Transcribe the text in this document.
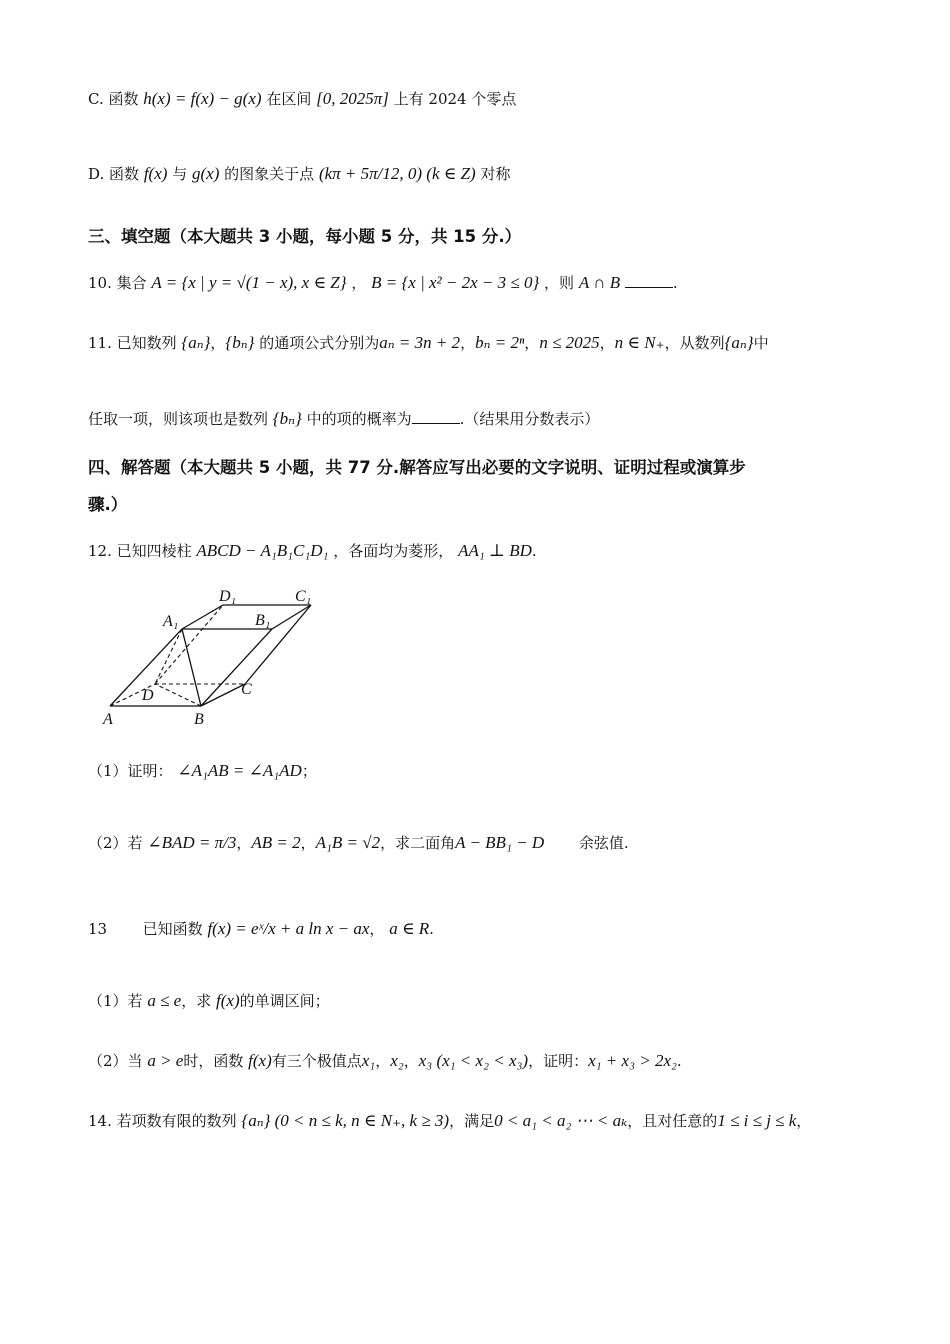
C. 函数 h(x) = f(x) − g(x) 在区间 [0, 2025π] 上有 2024 个零点
D. 函数 f(x) 与 g(x) 的图象关于点 (kπ + 5π/12, 0) (k ∈ Z) 对称
三、填空题（本大题共 3 小题，每小题 5 分，共 15 分.）
10. 集合 A = {x | y = √(1 − x), x ∈ Z} ， B = {x | x² − 2x − 3 ≤ 0} ，则 A ∩ B	.
11. 已知数列 {aₙ}，{bₙ} 的通项公式分别为aₙ = 3n + 2，bₙ = 2ⁿ，n ≤ 2025，n ∈ N₊，从数列{aₙ}中
任取一项，则该项也是数列 {bₙ} 中的项的概率为	.（结果用分数表示）
四、解答题（本大题共 5 小题，共 77 分.解答应写出必要的文字说明、证明过程或演算步
骤.）
12. 已知四棱柱 ABCD − A₁B₁C₁D₁ ，各面均为菱形， AA₁ ⊥ BD.
D₁	C₁
A₁	B₁
D	C
A	B
（1）证明： ∠A₁AB = ∠A₁AD；
（2）若 ∠BAD = π/3，AB = 2，A₁B = √2，求二面角A − BB₁ − D 余弦值.
13 已知函数 f(x) = eˣ/x + a ln x − ax， a ∈ R.
（1）若 a ≤ e，求 f(x)的单调区间；
（2）当 a > e时，函数 f(x)有三个极值点x₁，x₂，x₃ (x₁ < x₂ < x₃)，证明：x₁ + x₃ > 2x₂.
14. 若项数有限的数列 {aₙ} (0 < n ≤ k, n ∈ N₊, k ≥ 3)，满足0 < a₁ < a₂ ⋯ < aₖ，且对任意的1 ≤ i ≤ j ≤ k，
